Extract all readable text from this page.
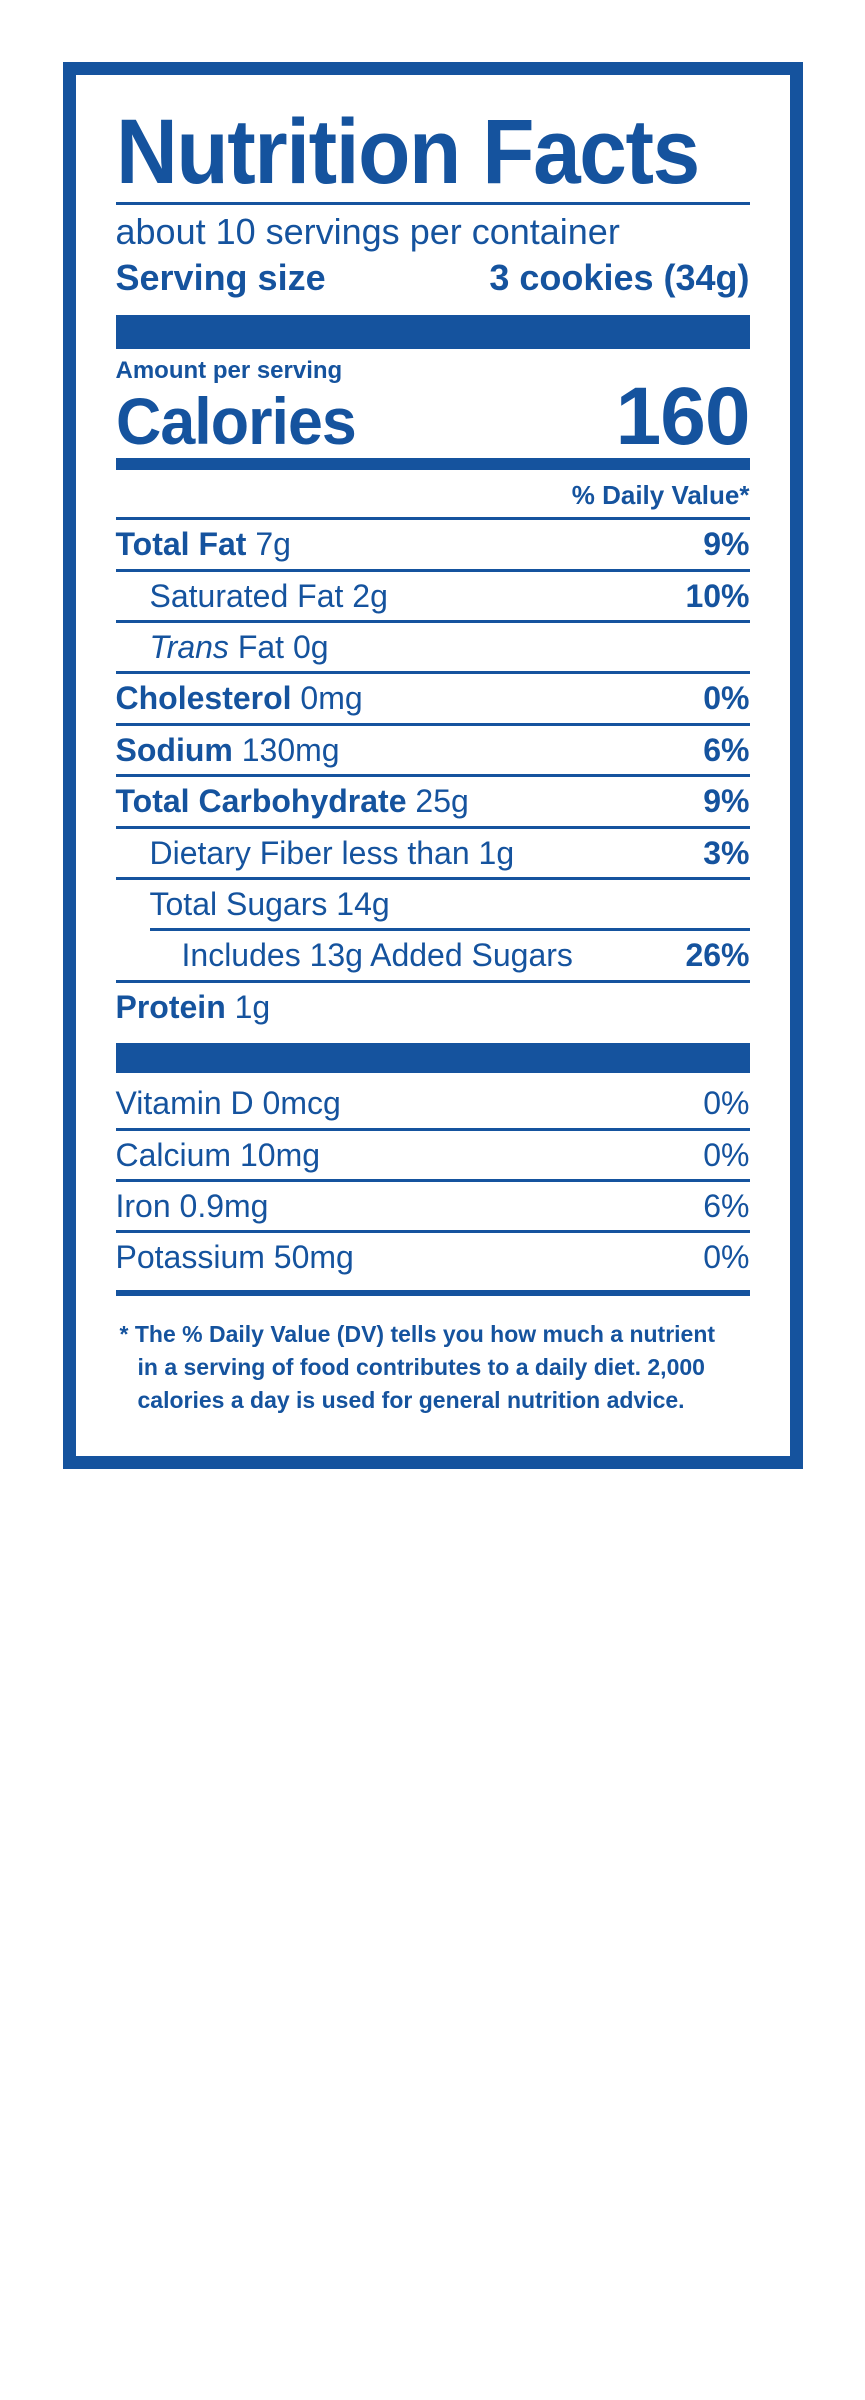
Nutrition Facts
about 10 servings per container
Serving size	3 cookies (34g)
Amount per serving
Calories	160
% Daily Value*
Total Fat 7g	9%
Saturated Fat 2g	10%
Trans Fat 0g
Cholesterol 0mg	0%
Sodium 130mg	6%
Total Carbohydrate 25g	9%
Dietary Fiber less than 1g	3%
Total Sugars 14g
Includes 13g Added Sugars	26%
Protein 1g
Vitamin D 0mcg	0%
Calcium 10mg	0%
Iron 0.9mg	6%
Potassium 50mg	0%

* The % Daily Value (DV) tells you how much a nutrient

in a serving of food contributes to a daily diet. 2,000

calories a day is used for general nutrition advice.
